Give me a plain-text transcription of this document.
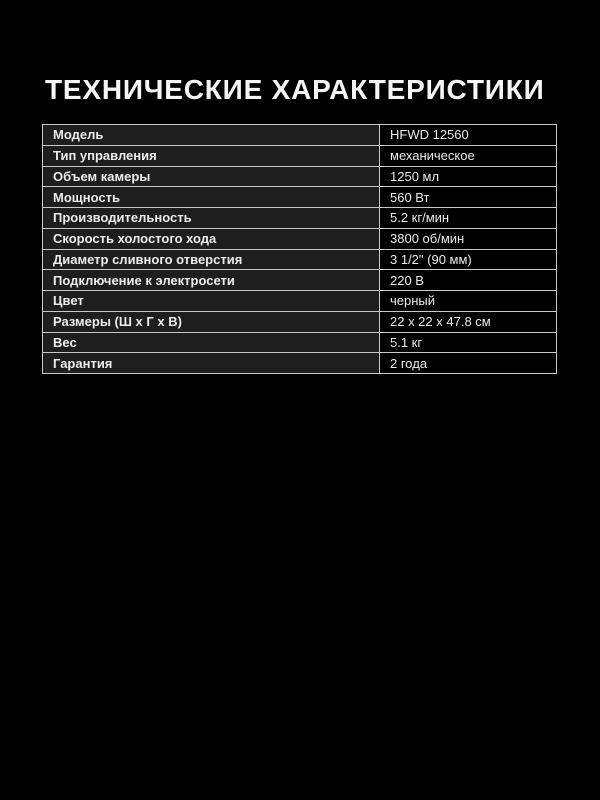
ТЕХНИЧЕСКИЕ ХАРАКТЕРИСТИКИ
Модель	HFWD 12560
Тип управления	механическое
Объем камеры	1250 мл
Мощность	560 Вт
Производительность	5.2 кг/мин
Скорость холостого хода	3800 об/мин
Диаметр сливного отверстия	3 1/2" (90 мм)
Подключение к электросети	220 В
Цвет	черный
Размеры (Ш х Г х В)	22 х 22 х 47.8 см
Вес	5.1 кг
Гарантия	2 года
